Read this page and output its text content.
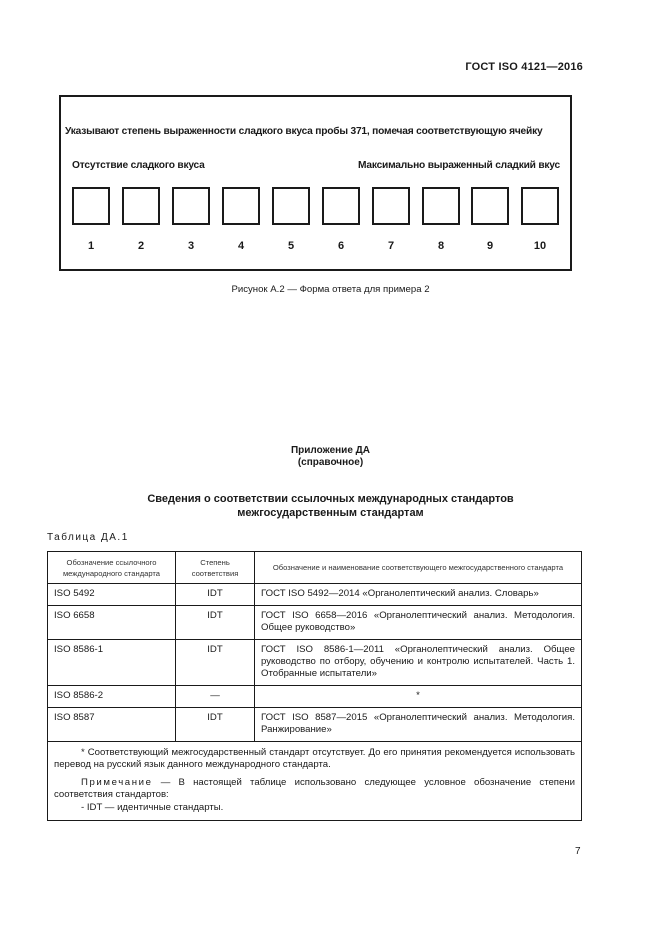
ГОСТ ISO 4121—2016
Указывают степень выраженности сладкого вкуса пробы 371, помечая соответствующую ячейку
Отсутствие сладкого вкуса	Максимально выраженный сладкий вкус
1	2	3	4	5	6	7	8	9	10
Рисунок А.2 — Форма ответа для примера 2
Приложение ДА
(справочное)
Сведения о соответствии ссылочных международных стандартов
межгосударственным стандартам
Таблица ДА.1
Обозначение ссылочного международного стандарта	Степень соответствия	Обозначение и наименование соответствующего межгосударственного стандарта
ISO 5492	IDT	ГОСТ ISO 5492—2014 «Органолептический анализ. Словарь»
ISO 6658	IDT	ГОСТ ISO 6658—2016 «Органолептический анализ. Методология. Общее руководство»
ISO 8586-1	IDT	ГОСТ ISO 8586-1—2011 «Органолептический анализ. Общее руководство по отбору, обучению и контролю испытателей. Часть 1. Отобранные испытатели»
ISO 8586-2	—	*
ISO 8587	IDT	ГОСТ ISO 8587—2015 «Органолептический анализ. Методология. Ранжирование»

* Соответствующий межгосударственный стандарт отсутствует. До его принятия рекомендуется использовать перевод на русский язык данного международного стандарта.

Примечание — В настоящей таблице использовано следующее условное обозначение степени соответствия стандартов:

- IDT — идентичные стандарты.		
7
